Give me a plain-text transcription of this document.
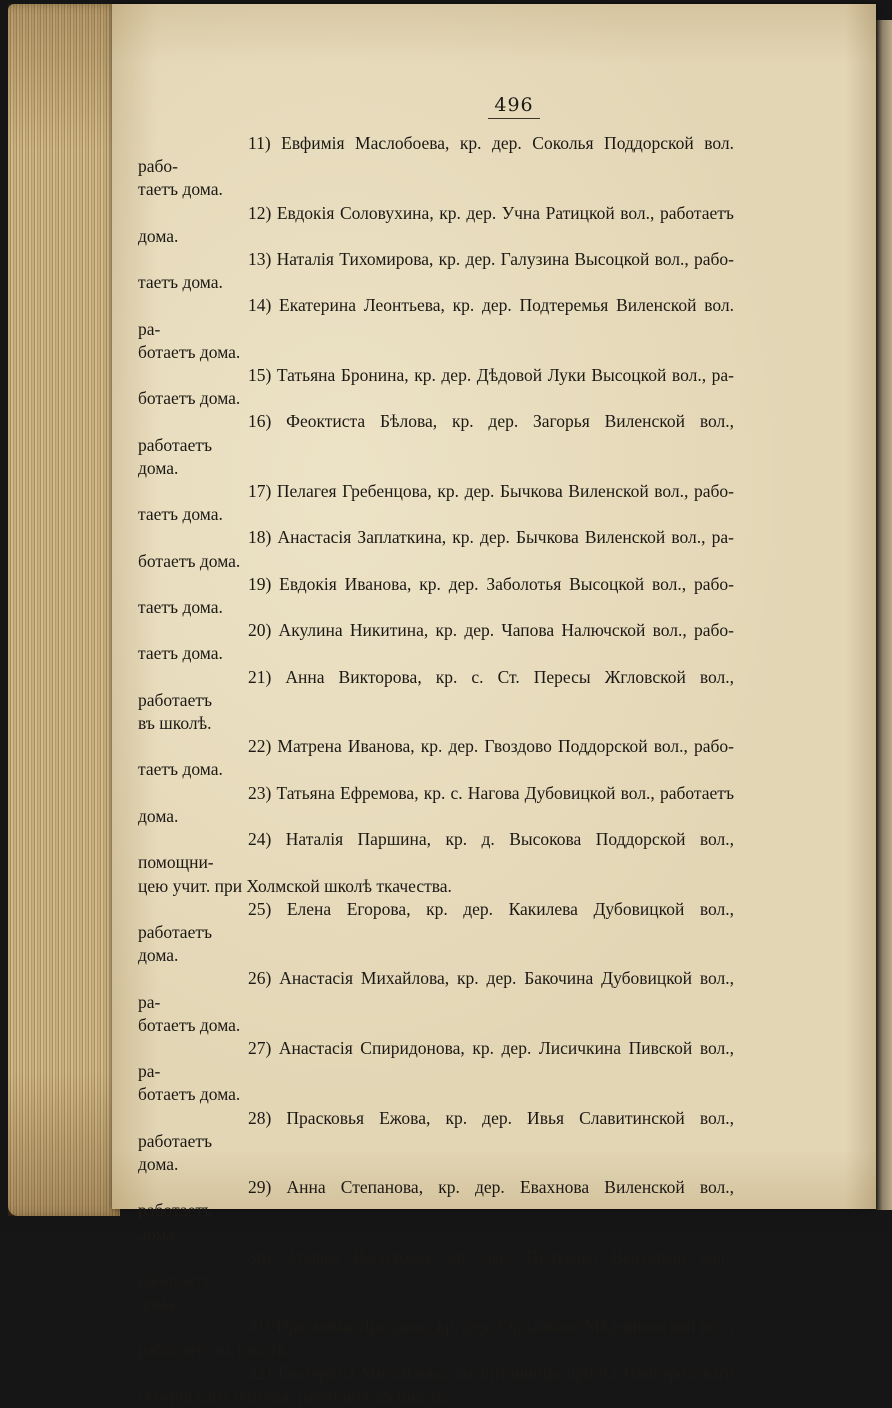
496
11) Евфимія Маслобоева, кр. дер. Соколья Поддорской вол. рабо-
таетъ дома.
12) Евдокія Соловухина, кр. дер. Учна Ратицкой вол., работаетъ
дома.
13) Наталія Тихомирова, кр. дер. Галузина Высоцкой вол., рабо-
таетъ дома.
14) Екатерина Леонтьева, кр. дер. Подтеремья Виленской вол. ра-
ботаетъ дома.
15) Татьяна Бронина, кр. дер. Дѣдовой Луки Высоцкой вол., ра-
ботаетъ дома.
16) Феоктиста Бѣлова, кр. дер. Загорья Виленской вол., работаетъ
дома.
17) Пелагея Гребенцова, кр. дер. Бычкова Виленской вол., рабо-
таетъ дома.
18) Анастасія Заплаткина, кр. дер. Бычкова Виленской вол., ра-
ботаетъ дома.
19) Евдокія Иванова, кр. дер. Заболотья Высоцкой вол., рабо-
таетъ дома.
20) Акулина Никитина, кр. дер. Чапова Налючской вол., рабо-
таетъ дома.
21) Анна Викторова, кр. с. Ст. Пересы Жгловской вол., работаетъ
въ школѣ.
22) Матрена Иванова, кр. дер. Гвоздово Поддорской вол., рабо-
таетъ дома.
23) Татьяна Ефремова, кр. с. Нагова Дубовицкой вол., работаетъ
дома.
24) Наталія Паршина, кр. д. Высокова Поддорской вол., помощни-
цею учит. при Холмской школѣ ткачества.
25) Елена Егорова, кр. дер. Какилева Дубовицкой вол., работаетъ
дома.
26) Анастасія Михайлова, кр. дер. Бакочина Дубовицкой вол., ра-
ботаетъ дома.
27) Анастасія Спиридонова, кр. дер. Лисичкина Пивской вол., ра-
ботаетъ дома.
28) Прасковья Ежова, кр. дер. Ивья Славитинской вол., работаетъ
дома.
29) Анна Степанова, кр. дер. Евахнова Виленской вол., работаетъ
дома.
30) Агафья Васильева, кр. дер. Полуково Высоцкой вол., работаетъ
дома.
31) Прасковья Дроздова, кр. дер. Скрыпкова Мѣдниковской вол.,
работаетъ въ школѣ.
32) Екатерина Михайлова, воспитанница пріюта Новгородскаго
губернскаго земства, работаетъ въ школѣ.
